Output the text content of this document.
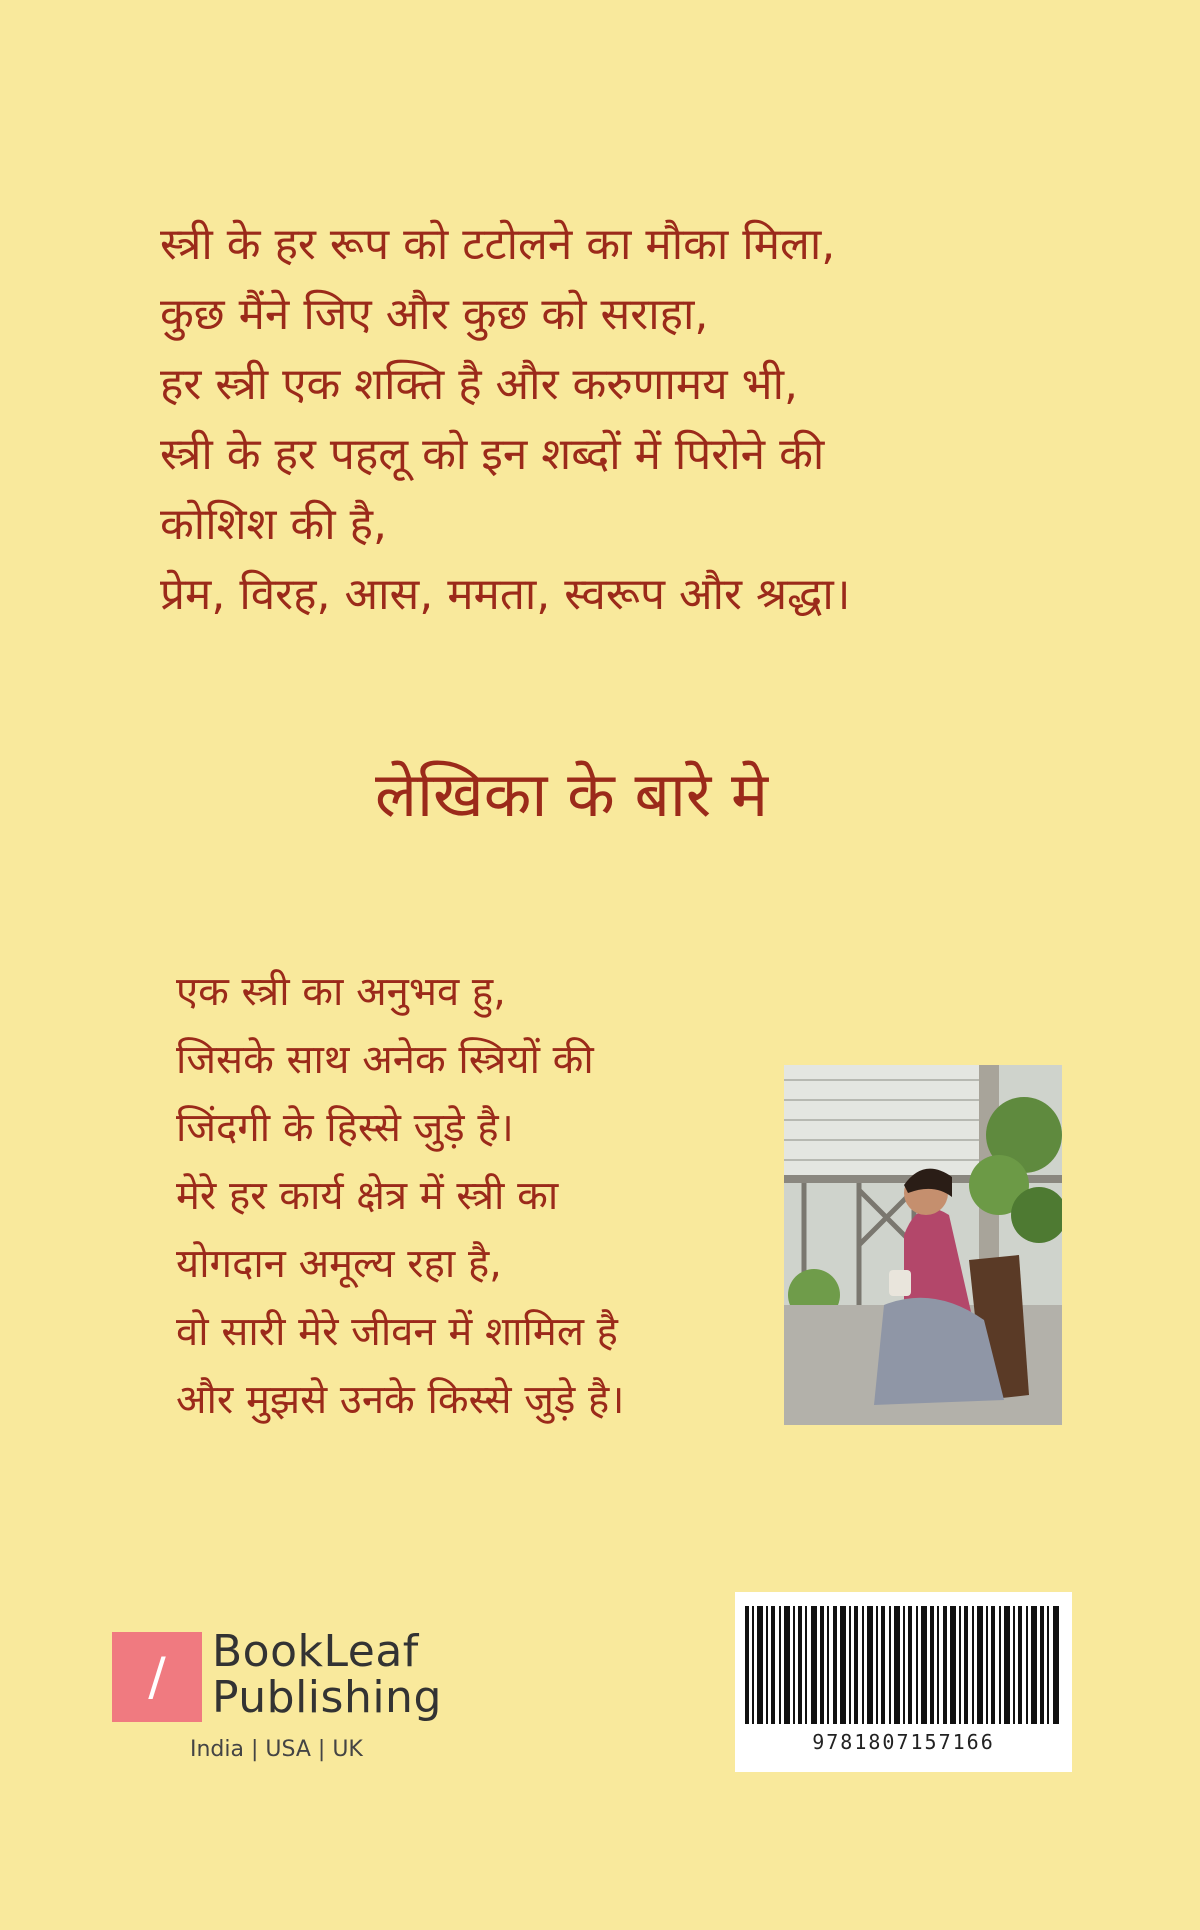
स्त्री के हर रूप को टटोलने का मौका मिला,
कुछ मैंने जिए और कुछ को सराहा,
हर स्त्री एक शक्ति है और करुणामय भी,
स्त्री के हर पहलू को इन शब्दों में पिरोने की
कोशिश की है,
प्रेम, विरह, आस, ममता, स्वरूप और श्रद्धा।
लेखिका के बारे मे
एक स्त्री का अनुभव हु,
जिसके साथ अनेक स्त्रियों की
जिंदगी के हिस्से जुड़े है।
मेरे हर कार्य क्षेत्र में स्त्री का
योगदान अमूल्य रहा है,
वो सारी मेरे जीवन में शामिल है
और मुझसे उनके किस्से जुड़े है।
/	BookLeaf
Publishing
India | USA | UK	9781807157166
